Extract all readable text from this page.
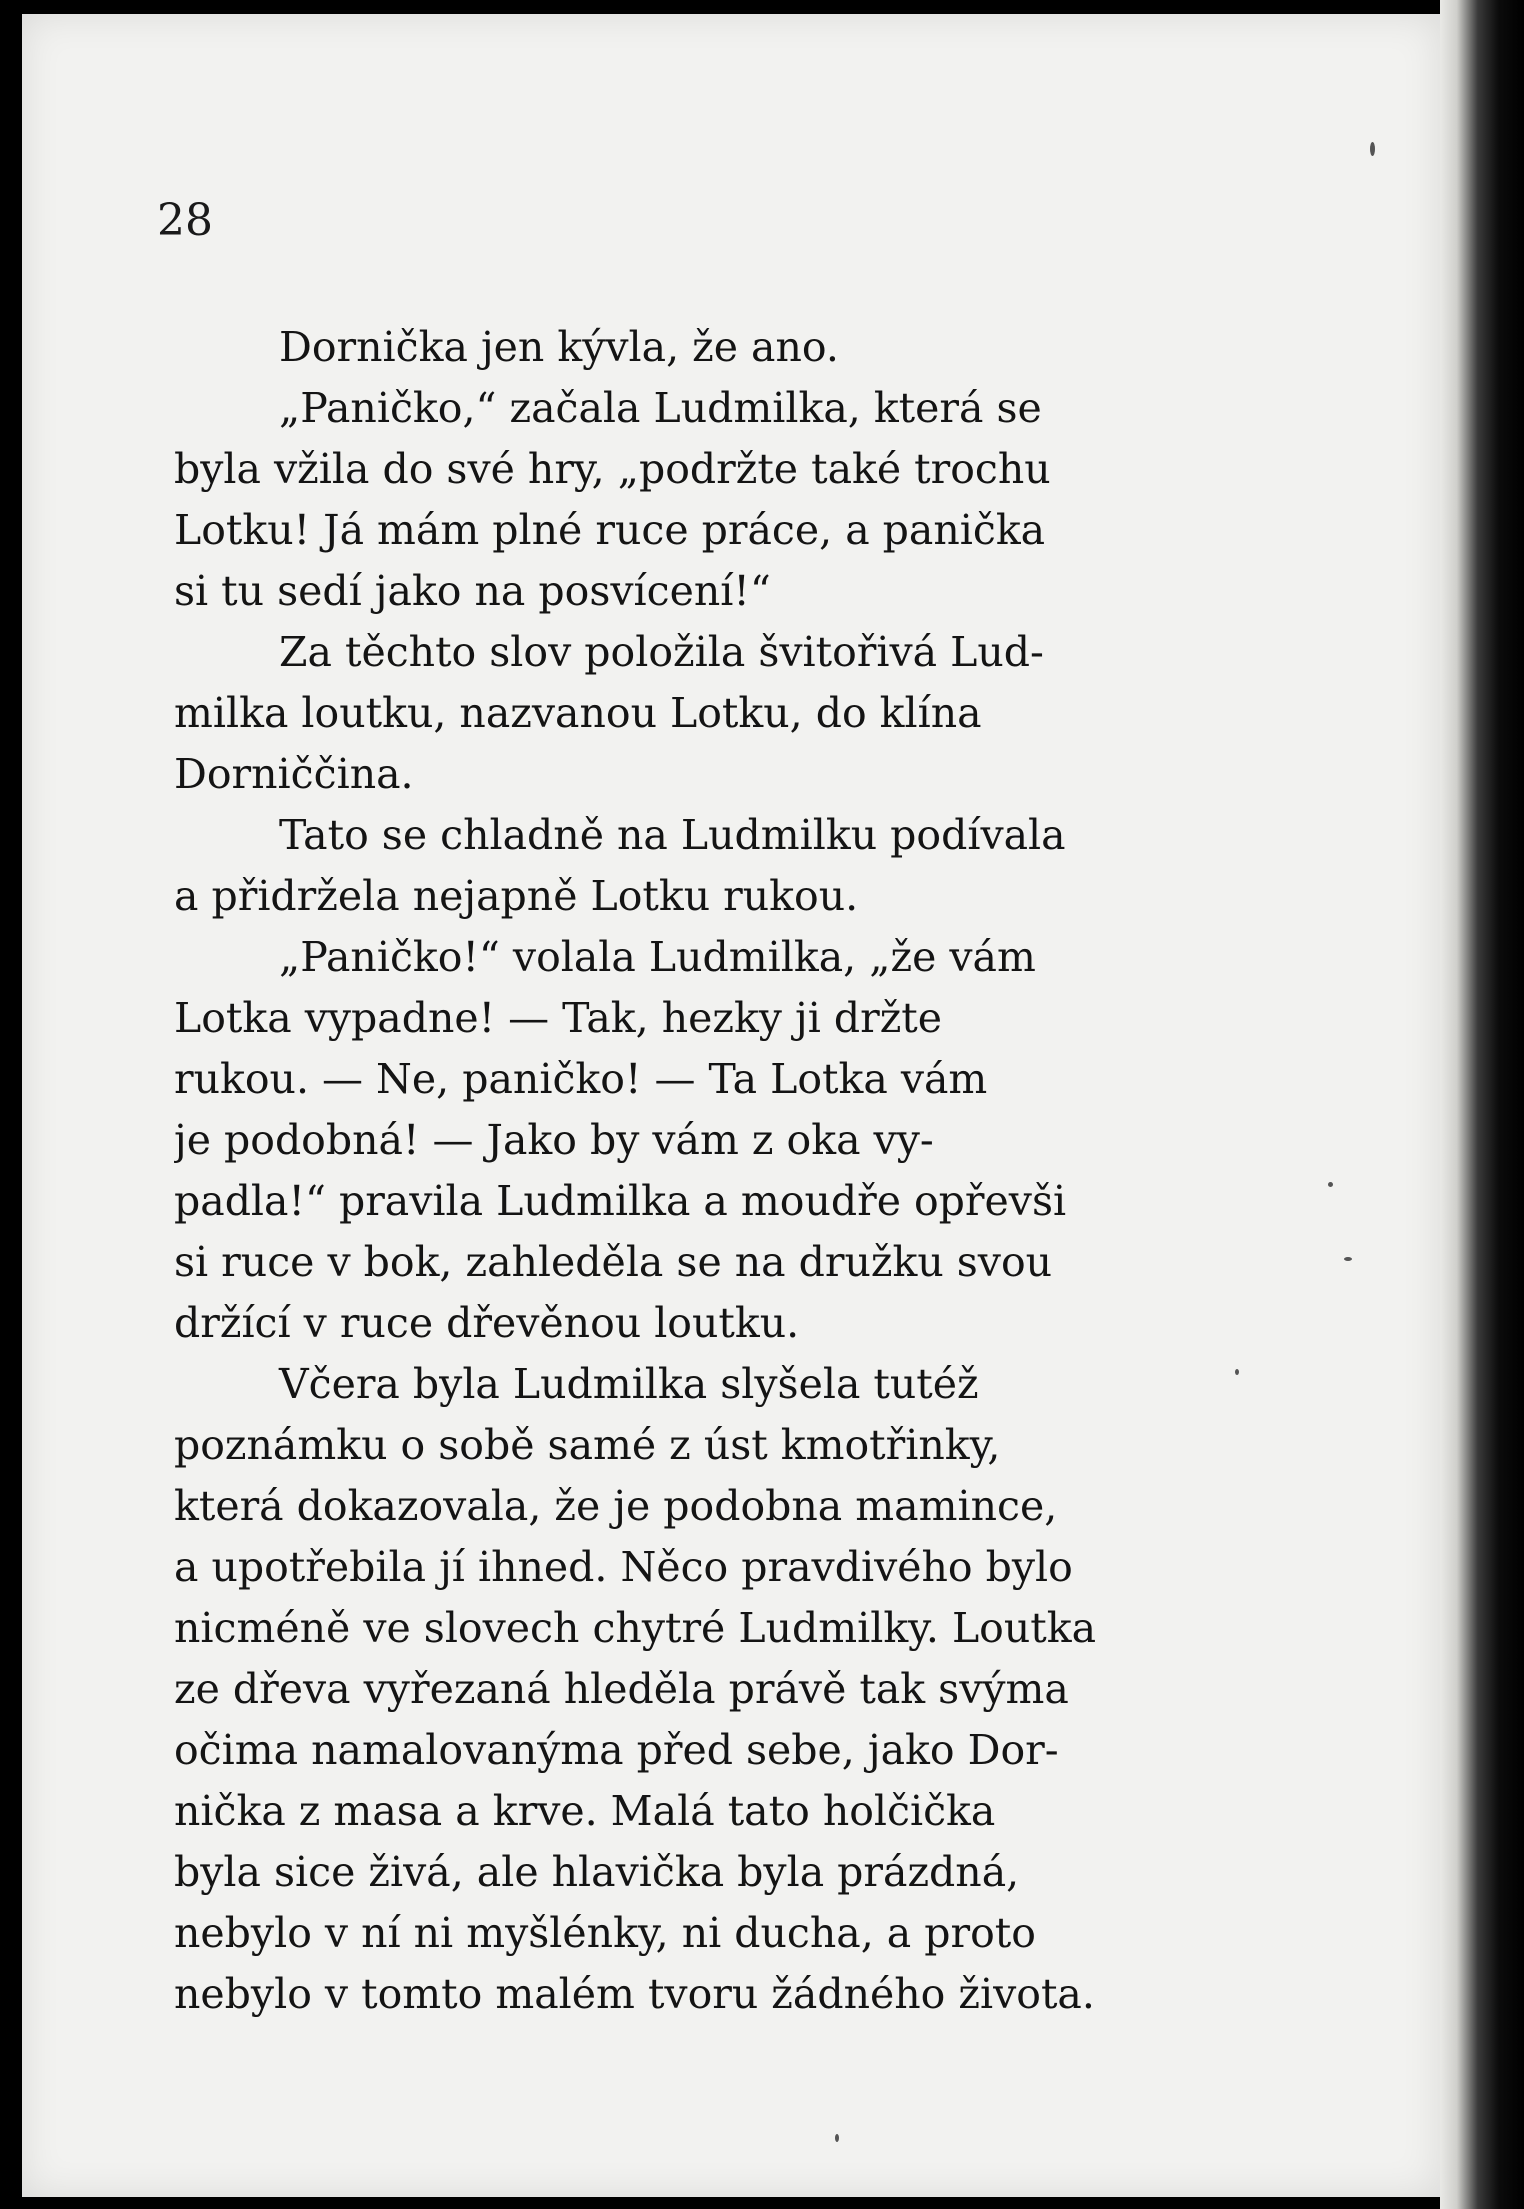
28
Dornička jen kývla, že ano.
„Paničko,“ začala Ludmilka, která se
byla vžila do své hry, „podržte také trochu
Lotku! Já mám plné ruce práce, a panička
si tu sedí jako na posvícení!“
Za těchto slov položila švitořivá Lud-
milka loutku, nazvanou Lotku, do klína
Dorniččina.
Tato se chladně na Ludmilku podívala
a přidržela nejapně Lotku rukou.
„Paničko!“ volala Ludmilka, „že vám
Lotka vypadne! — Tak, hezky ji držte
rukou. — Ne, paničko! — Ta Lotka vám
je podobná! — Jako by vám z oka vy-
padla!“ pravila Ludmilka a moudře opřevši
si ruce v bok, zahleděla se na družku svou
držící v ruce dřevěnou loutku.
Včera byla Ludmilka slyšela tutéž
poznámku o sobě samé z úst kmotřinky,
která dokazovala, že je podobna mamince,
a upotřebila jí ihned. Něco pravdivého bylo
nicméně ve slovech chytré Ludmilky. Loutka
ze dřeva vyřezaná hleděla právě tak svýma
očima namalovanýma před sebe, jako Dor-
nička z masa a krve. Malá tato holčička
byla sice živá, ale hlavička byla prázdná,
nebylo v ní ni myšlénky, ni ducha, a proto
nebylo v tomto malém tvoru žádného života.
